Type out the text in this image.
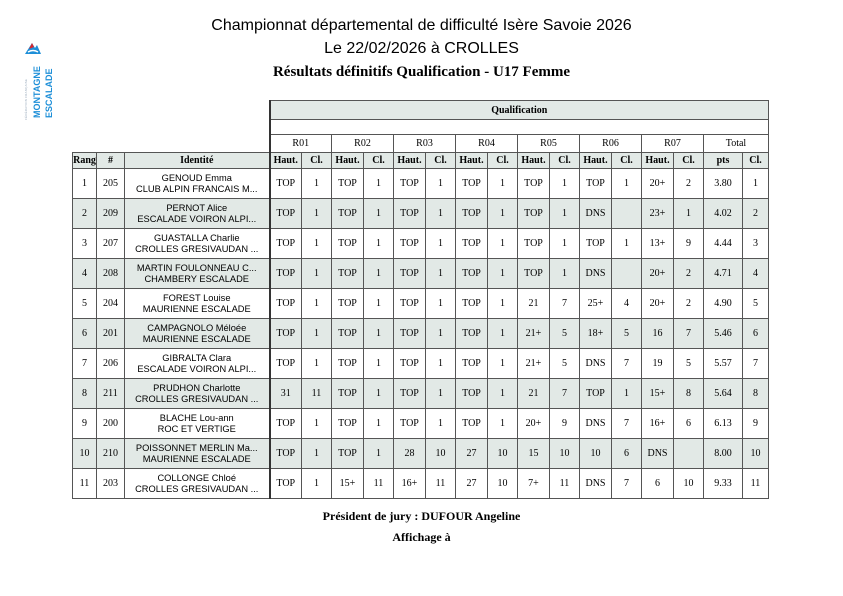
FÉDÉRATION FRANÇAISE MONTAGNE ESCALADE
Championnat départemental de difficulté Isère Savoie 2026
Le 22/02/2026 à CROLLES
Résultats définitifs Qualification - U17 Femme
			Qualification															

			R01		R02		R03		R04		R05		R06		R07		Total	
Rang	#	Identité	Haut.	Cl.	Haut.	Cl.	Haut.	Cl.	Haut.	Cl.	Haut.	Cl.	Haut.	Cl.	Haut.	Cl.	pts	Cl.
1	205	GENOUD Emma
CLUB ALPIN FRANCAIS M...	TOP	1	TOP	1	TOP	1	TOP	1	TOP	1	TOP	1	20+	2	3.80	1
2	209	PERNOT Alice
ESCALADE VOIRON ALPI...	TOP	1	TOP	1	TOP	1	TOP	1	TOP	1	DNS		23+	1	4.02	2
3	207	GUASTALLA Charlie
CROLLES GRESIVAUDAN ...	TOP	1	TOP	1	TOP	1	TOP	1	TOP	1	TOP	1	13+	9	4.44	3
4	208	MARTIN FOULONNEAU C...
CHAMBERY ESCALADE	TOP	1	TOP	1	TOP	1	TOP	1	TOP	1	DNS		20+	2	4.71	4
5	204	FOREST Louise
MAURIENNE ESCALADE	TOP	1	TOP	1	TOP	1	TOP	1	21	7	25+	4	20+	2	4.90	5
6	201	CAMPAGNOLO Méloée
MAURIENNE ESCALADE	TOP	1	TOP	1	TOP	1	TOP	1	21+	5	18+	5	16	7	5.46	6
7	206	GIBRALTA Clara
ESCALADE VOIRON ALPI...	TOP	1	TOP	1	TOP	1	TOP	1	21+	5	DNS	7	19	5	5.57	7
8	211	PRUDHON Charlotte
CROLLES GRESIVAUDAN ...	31	11	TOP	1	TOP	1	TOP	1	21	7	TOP	1	15+	8	5.64	8
9	200	BLACHE Lou-ann
ROC ET VERTIGE	TOP	1	TOP	1	TOP	1	TOP	1	20+	9	DNS	7	16+	6	6.13	9
10	210	POISSONNET MERLIN Ma...
MAURIENNE ESCALADE	TOP	1	TOP	1	28	10	27	10	15	10	10	6	DNS		8.00	10
11	203	COLLONGE Chloé
CROLLES GRESIVAUDAN ...	TOP	1	15+	11	16+	11	27	10	7+	11	DNS	7	6	10	9.33	11
Président de jury : DUFOUR Angeline
Affichage à
